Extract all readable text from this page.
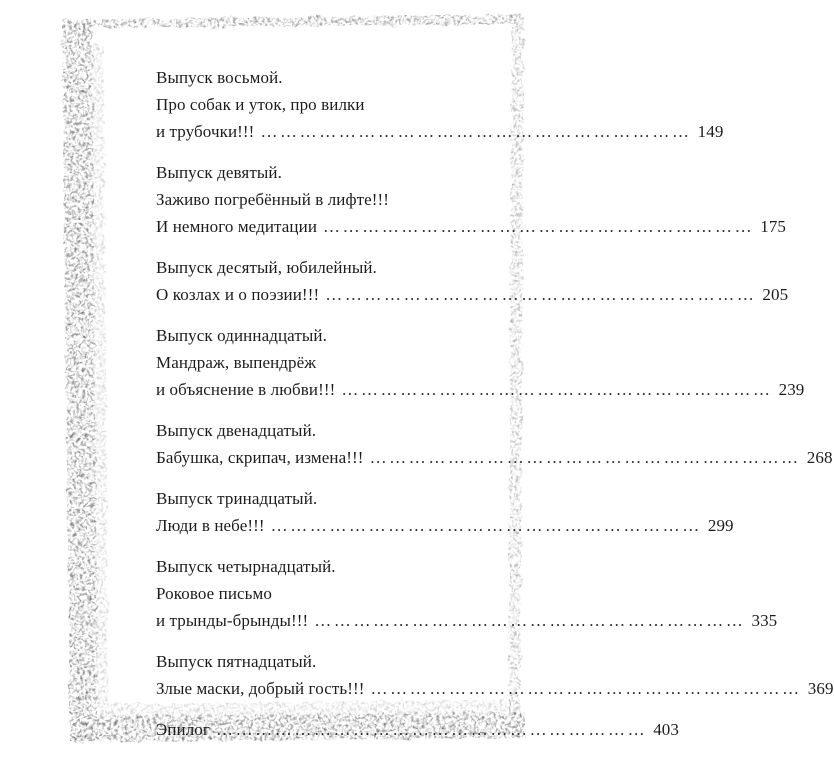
Выпуск восьмой.
Про собак и уток, про вилки
и трубочки!!! ………………………………………………………… 149
Выпуск девятый.
Заживо погребённый в лифте!!!
И немного медитации ………………………………………………………… 175
Выпуск десятый, юбилейный.
О козлах и о поэзии!!! ………………………………………………………… 205
Выпуск одиннадцатый.
Мандраж, выпендрёж
и объяснение в любви!!! ………………………………………………………… 239
Выпуск двенадцатый.
Бабушка, скрипач, измена!!! ………………………………………………………… 268
Выпуск тринадцатый.
Люди в небе!!! ………………………………………………………… 299
Выпуск четырнадцатый.
Роковое письмо
и трынды-брынды!!! ………………………………………………………… 335
Выпуск пятнадцатый.
Злые маски, добрый гость!!! ………………………………………………………… 369
Эпилог ………………………………………………………… 403
